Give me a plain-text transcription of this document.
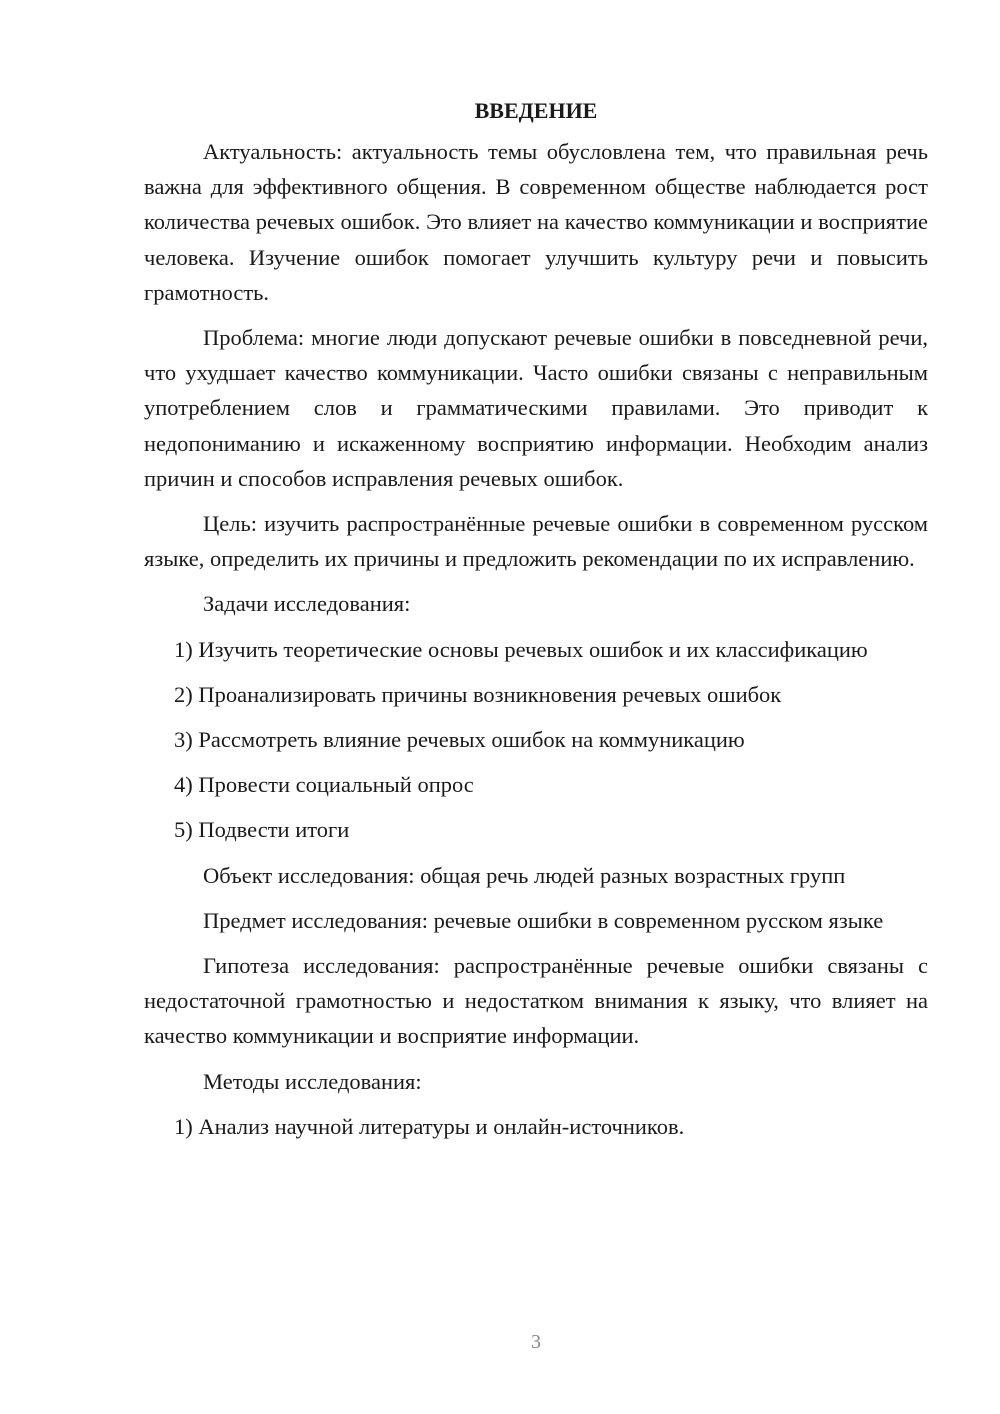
ВВЕДЕНИЕ

Актуальность: актуальность темы обусловлена тем, что правильная речь важна для эффективного общения. В современном обществе наблюдается рост количества речевых ошибок. Это влияет на качество коммуникации и восприятие человека. Изучение ошибок помогает улучшить культуру речи и повысить грамотность.

Проблема: многие люди допускают речевые ошибки в повседневной речи, что ухудшает качество коммуникации. Часто ошибки связаны с неправильным употреблением слов и грамматическими правилами. Это приводит к недопониманию и искаженному восприятию информации. Необходим анализ причин и способов исправления речевых ошибок.

Цель: изучить распространённые речевые ошибки в современном русском языке, определить их причины и предложить рекомендации по их исправлению.

Задачи исследования:

1) Изучить теоретические основы речевых ошибок и их классификацию

2) Проанализировать причины возникновения речевых ошибок

3) Рассмотреть влияние речевых ошибок на коммуникацию

4) Провести социальный опрос

5) Подвести итоги

Объект исследования: общая речь людей разных возрастных групп

Предмет исследования: речевые ошибки в современном русском языке

Гипотеза исследования: распространённые речевые ошибки связаны с недостаточной грамотностью и недостатком внимания к языку, что влияет на качество коммуникации и восприятие информации.

Методы исследования:

1) Анализ научной литературы и онлайн-источников.

3
